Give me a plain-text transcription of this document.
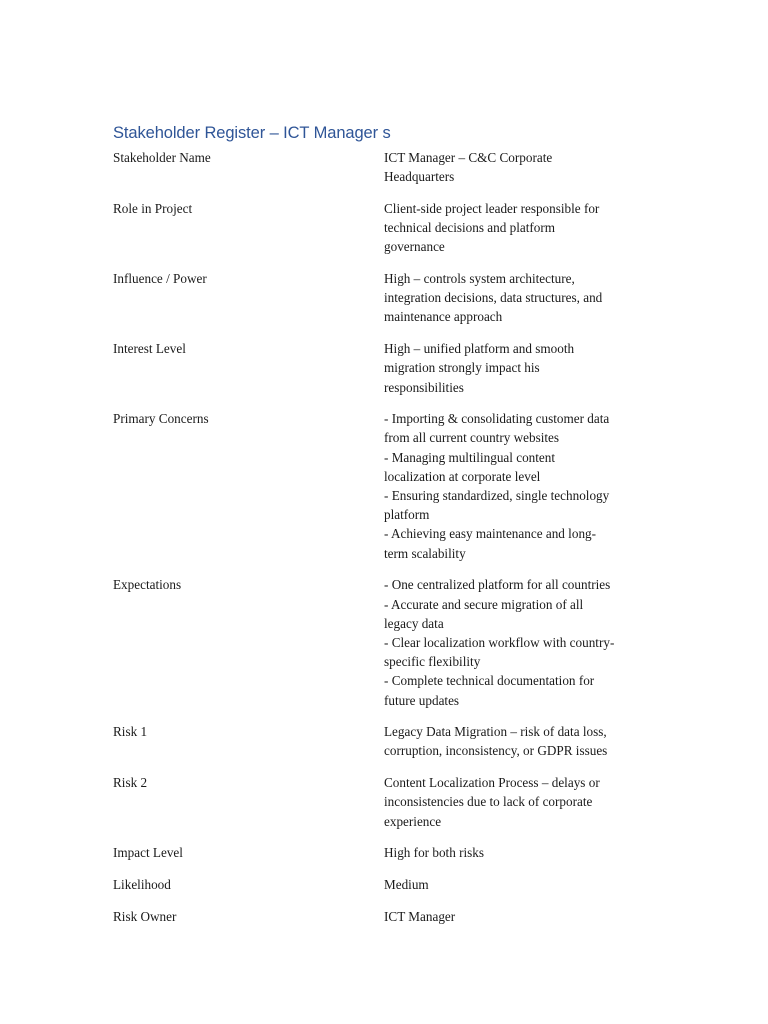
Stakeholder Register – ICT Manager s
Stakeholder Name	ICT Manager – C&C Corporate
Headquarters
Role in Project	Client-side project leader responsible for
technical decisions and platform
governance
Influence / Power	High – controls system architecture,
integration decisions, data structures, and
maintenance approach
Interest Level	High – unified platform and smooth
migration strongly impact his
responsibilities
Primary Concerns	- Importing & consolidating customer data
from all current country websites
- Managing multilingual content
localization at corporate level
- Ensuring standardized, single technology
platform
- Achieving easy maintenance and long-
term scalability
Expectations	- One centralized platform for all countries
- Accurate and secure migration of all
legacy data
- Clear localization workflow with country-
specific flexibility
- Complete technical documentation for
future updates
Risk 1	Legacy Data Migration – risk of data loss,
corruption, inconsistency, or GDPR issues
Risk 2	Content Localization Process – delays or
inconsistencies due to lack of corporate
experience
Impact Level	High for both risks
Likelihood	Medium
Risk Owner	ICT Manager
